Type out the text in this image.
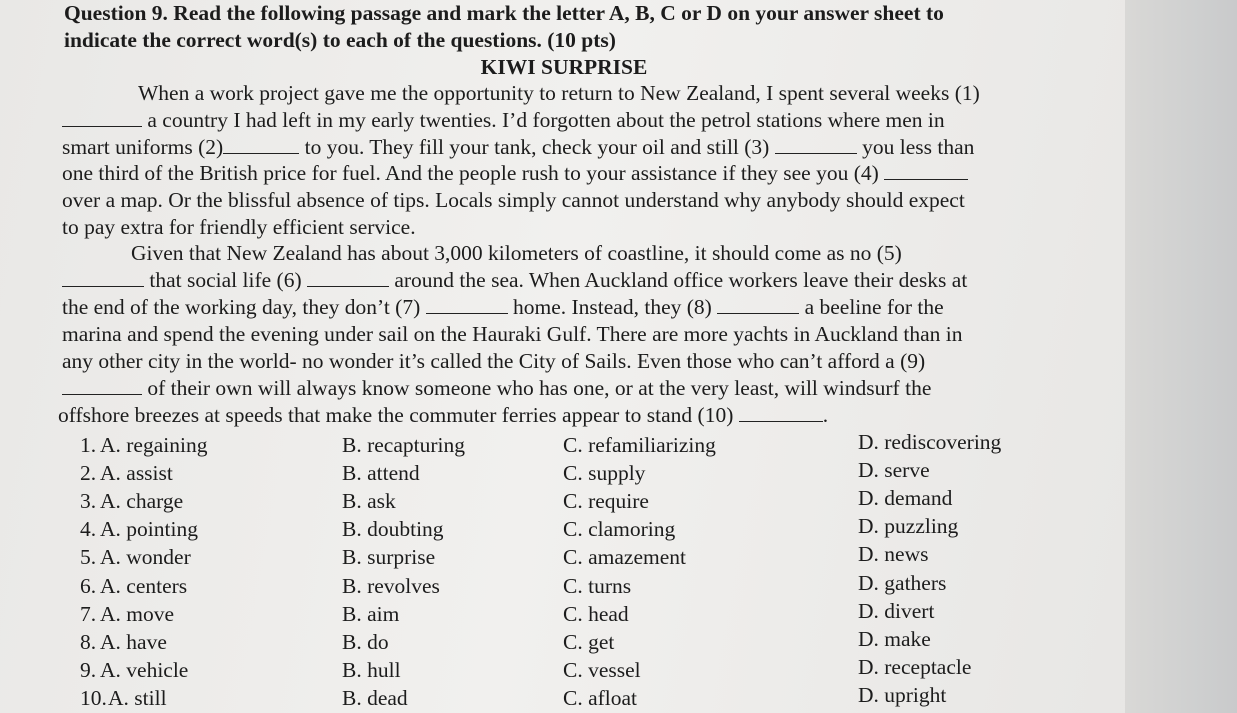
Question 9. Read the following passage and mark the letter A, B, C or D on your answer sheet to
indicate the correct word(s) to each of the questions. (10 pts)
KIWI SURPRISE
When a work project gave me the opportunity to return to New Zealand, I spent several weeks (1)
a country I had left in my early twenties. I’d forgotten about the petrol stations where men in
smart uniforms (2)	to you. They fill your tank, check your oil and still (3)	you less than
one third of the British price for fuel. And the people rush to your assistance if they see you (4)
over a map. Or the blissful absence of tips. Locals simply cannot understand why anybody should expect
to pay extra for friendly efficient service.
Given that New Zealand has about 3,000 kilometers of coastline, it should come as no (5)
that social life (6)	around the sea. When Auckland office workers leave their desks at
the end of the working day, they don’t (7)	home. Instead, they (8)	a beeline for the
marina and spend the evening under sail on the Hauraki Gulf. There are more yachts in Auckland than in
any other city in the world- no wonder it’s called the City of Sails. Even those who can’t afford a (9)
of their own will always know someone who has one, or at the very least, will windsurf the
offshore breezes at speeds that make the commuter ferries appear to stand (10)	.
1. A. regaining	B. recapturing	C. refamiliarizing	D. rediscovering
2. A. assist	B. attend	C. supply	D. serve
3. A. charge	B. ask	C. require	D. demand
4. A. pointing	B. doubting	C. clamoring	D. puzzling
5. A. wonder	B. surprise	C. amazement	D. news
6. A. centers	B. revolves	C. turns	D. gathers
7. A. move	B. aim	C. head	D. divert
8. A. have	B. do	C. get	D. make
9. A. vehicle	B. hull	C. vessel	D. receptacle
10. A. still	B. dead	C. afloat	D. upright
